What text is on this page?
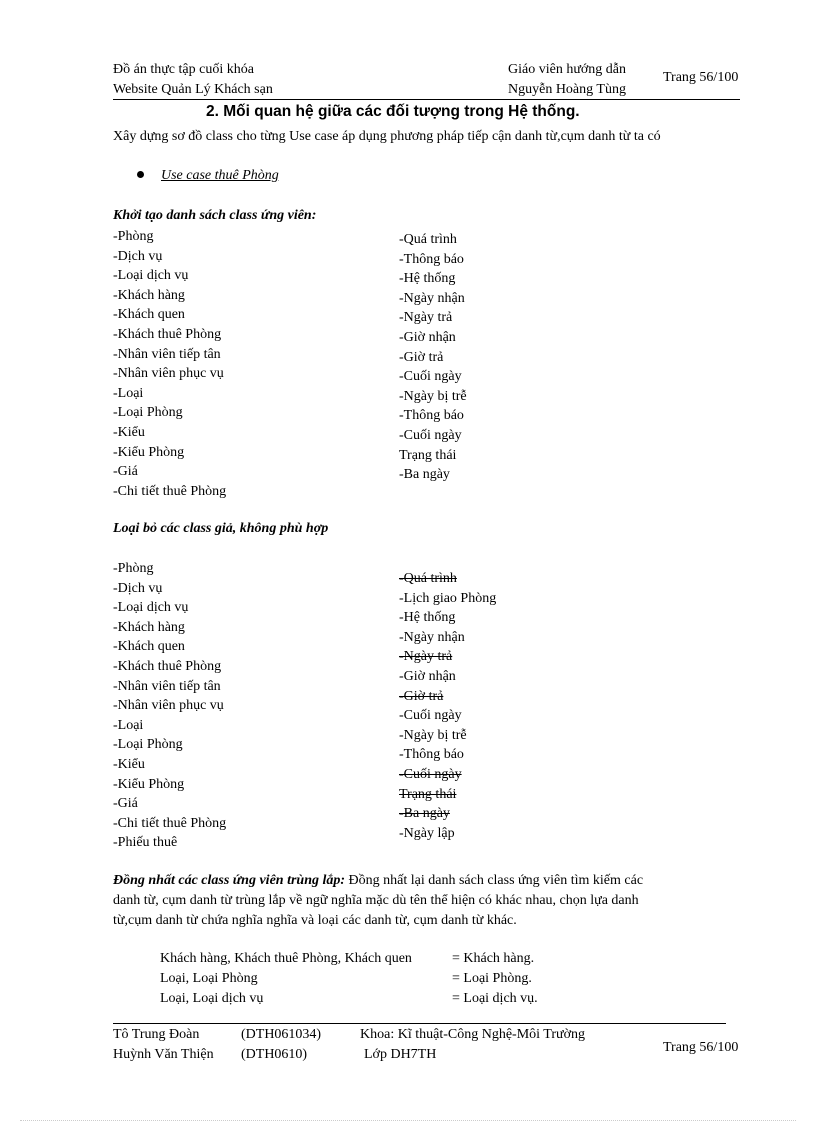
Đồ án thực tập cuối khóa
Website Quản Lý Khách sạn
Giáo viên hướng dẫn
Nguyễn Hoàng Tùng
Trang 56/100
2. Mối quan hệ giữa các đối tượng trong Hệ thống.
Xây dựng sơ đồ class cho từng Use case áp dụng phương pháp tiếp cận danh từ,cụm danh từ ta có
Use case thuê Phòng
Khởi tạo danh sách class ứng viên:
-Phòng
-Dịch vụ
-Loại dịch vụ
-Khách hàng
-Khách quen
-Khách thuê Phòng
-Nhân viên tiếp tân
-Nhân viên phục vụ
-Loại
-Loại Phòng
-Kiểu
-Kiểu Phòng
-Giá
-Chi tiết thuê Phòng
-Quá trình
-Thông báo
-Hệ thống
-Ngày nhận
-Ngày trả
-Giờ nhận
-Giờ trả
-Cuối ngày
-Ngày bị trễ
-Thông báo
-Cuối ngày
Trạng thái
-Ba ngày
Loại bỏ các class giả, không phù hợp
-Phòng
-Dịch vụ
-Loại dịch vụ
-Khách hàng
-Khách quen
-Khách thuê Phòng
-Nhân viên tiếp tân
-Nhân viên phục vụ
-Loại
-Loại Phòng
-Kiểu
-Kiểu Phòng
-Giá
-Chi tiết thuê Phòng
-Phiếu thuê
-Quá trình
-Lịch giao Phòng
-Hệ thống
-Ngày nhận
-Ngày trả
-Giờ nhận
-Giờ trả
-Cuối ngày
-Ngày bị trễ
-Thông báo
-Cuối ngày
Trạng thái
-Ba ngày
-Ngày lập
Đồng nhất các class ứng viên trùng lắp: Đồng nhất lại danh sách class ứng viên tìm kiếm các
danh từ, cụm danh từ trùng lắp về ngữ nghĩa mặc dù tên thể hiện có khác nhau, chọn lựa danh
từ,cụm danh từ chứa nghĩa nghĩa và loại các danh từ, cụm danh từ khác.
Khách hàng, Khách thuê Phòng, Khách quen	= Khách hàng.
Loại, Loại Phòng	= Loại Phòng.
Loại, Loại dịch vụ	= Loại dịch vụ.
Tô Trung Đoàn	(DTH061034)	Khoa: Kĩ thuật-Công Nghệ-Môi Trường
Huỳnh Văn Thiện (DTH0610)	Lớp DH7TH	Trang 56/100
